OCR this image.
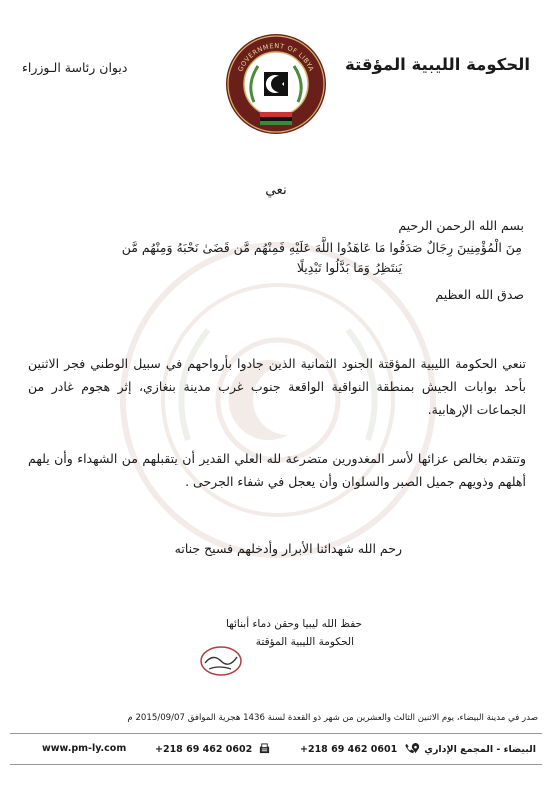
الحكومة الليبية المؤقتة
ديوان رئاسة الـوزراء	GOVERNMENT OF LIBYA
نعي
بسم الله الرحمن الرحيم
مِنَ الْمُؤْمِنِينَ رِجَالٌ صَدَقُوا مَا عَاهَدُوا اللَّهَ عَلَيْهِ فَمِنْهُم مَّن قَضَىٰ نَحْبَهُ وَمِنْهُم مَّن
يَنتَظِرُ وَمَا بَدَّلُوا تَبْدِيلًا
صدق الله العظيم
تنعي الحكومة الليبية المؤقتة الجنود الثمانية الذين جادوا بأرواحهم في سبيل الوطني فجر الاثنين بأحد بوابات الجيش بمنطقة النواقية الواقعة جنوب غرب مدينة بنغازي، إثر هجوم غادر من الجماعات الإرهابية.
وتتقدم بخالص عزائها لأسر المغدورين متضرعة لله العلي القدير أن يتقبلهم من الشهداء وأن يلهم أهلهم وذويهم جميل الصبر والسلوان وأن يعجل في شفاء الجرحى .
رحم الله شهدائنا الأبرار وأدخلهم فسيح جناته
حفظ الله ليبيا وحقن دماء أبنائها
الحكومة الليبية المؤقتة
صدر في مدينة البيضاء، يوم الاثنين الثالث والعشرين من شهر ذو القعدة لسنة 1436 هجرية الموافق 2015/09/07 م
www.pm-ly.com	+218 69 462 0602	+218 69 462 0601	البيضاء - المجمع الإداري
